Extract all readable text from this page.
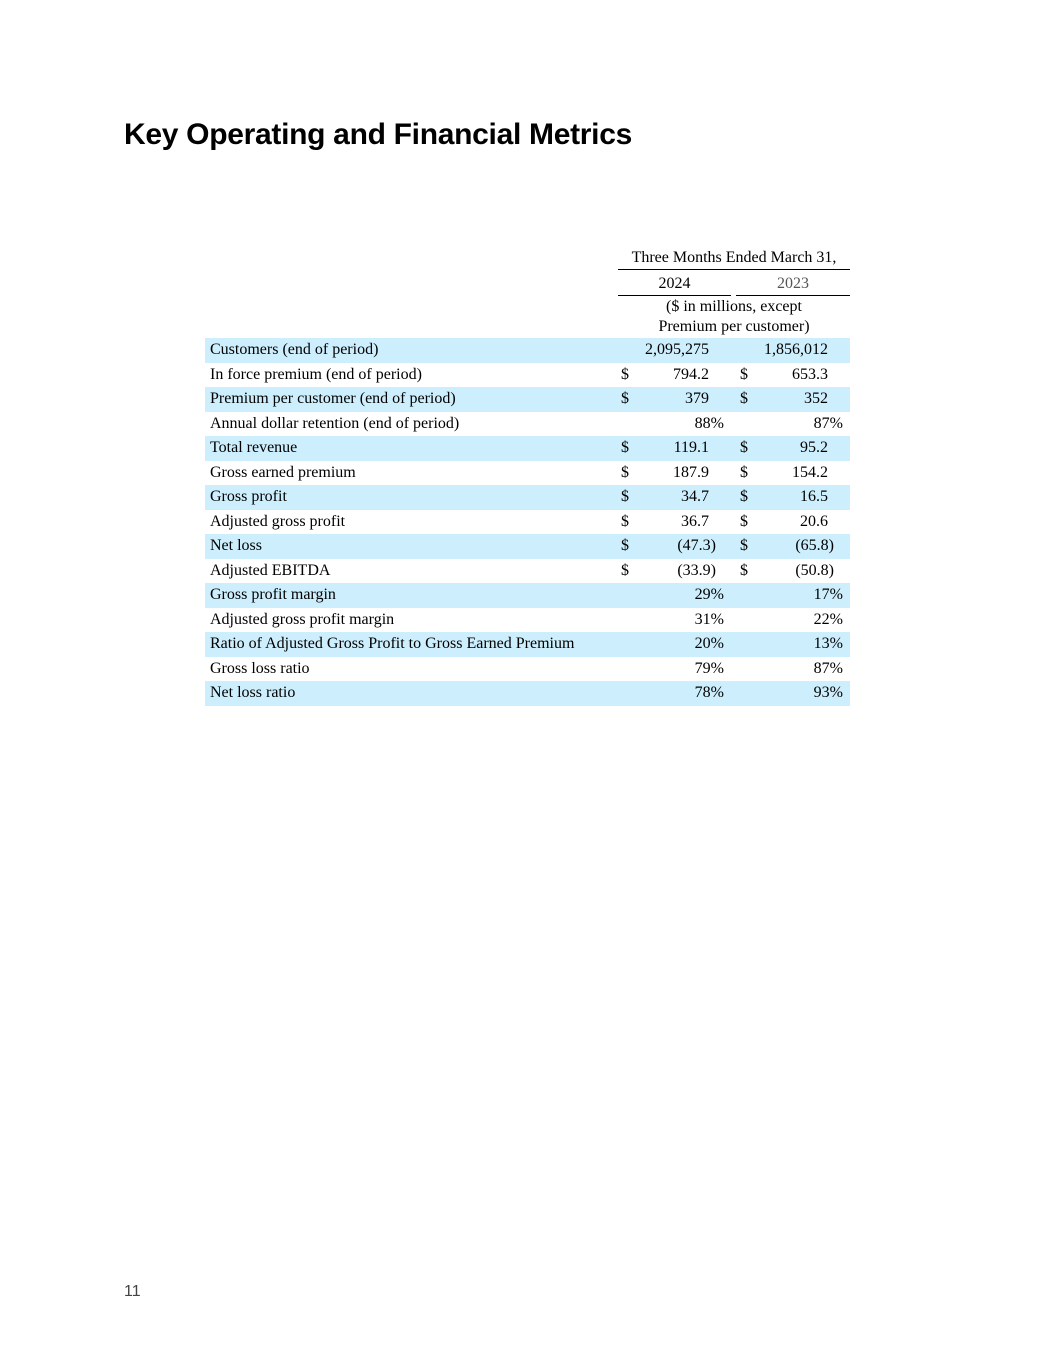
Key Operating and Financial Metrics
Three Months Ended March 31,
2024	2023
($ in millions, except
Premium per customer)
Customers (end of period)	2,095,275	1,856,012
In force premium (end of period)	$	794.2 $	653.3
Premium per customer (end of period)	$	379 $	352
Annual dollar retention (end of period)	88%	87%
Total revenue	$	119.1 $	95.2
Gross earned premium	$	187.9 $	154.2
Gross profit	$	34.7 $	16.5
Adjusted gross profit	$	36.7 $	20.6
Net loss	$	(47.3) $	(65.8)
Adjusted EBITDA	$	(33.9) $	(50.8)
Gross profit margin	29%	17%
Adjusted gross profit margin	31%	22%
Ratio of Adjusted Gross Profit to Gross Earned Premium	20%	13%
Gross loss ratio	79%	87%
Net loss ratio	78%	93%
11
